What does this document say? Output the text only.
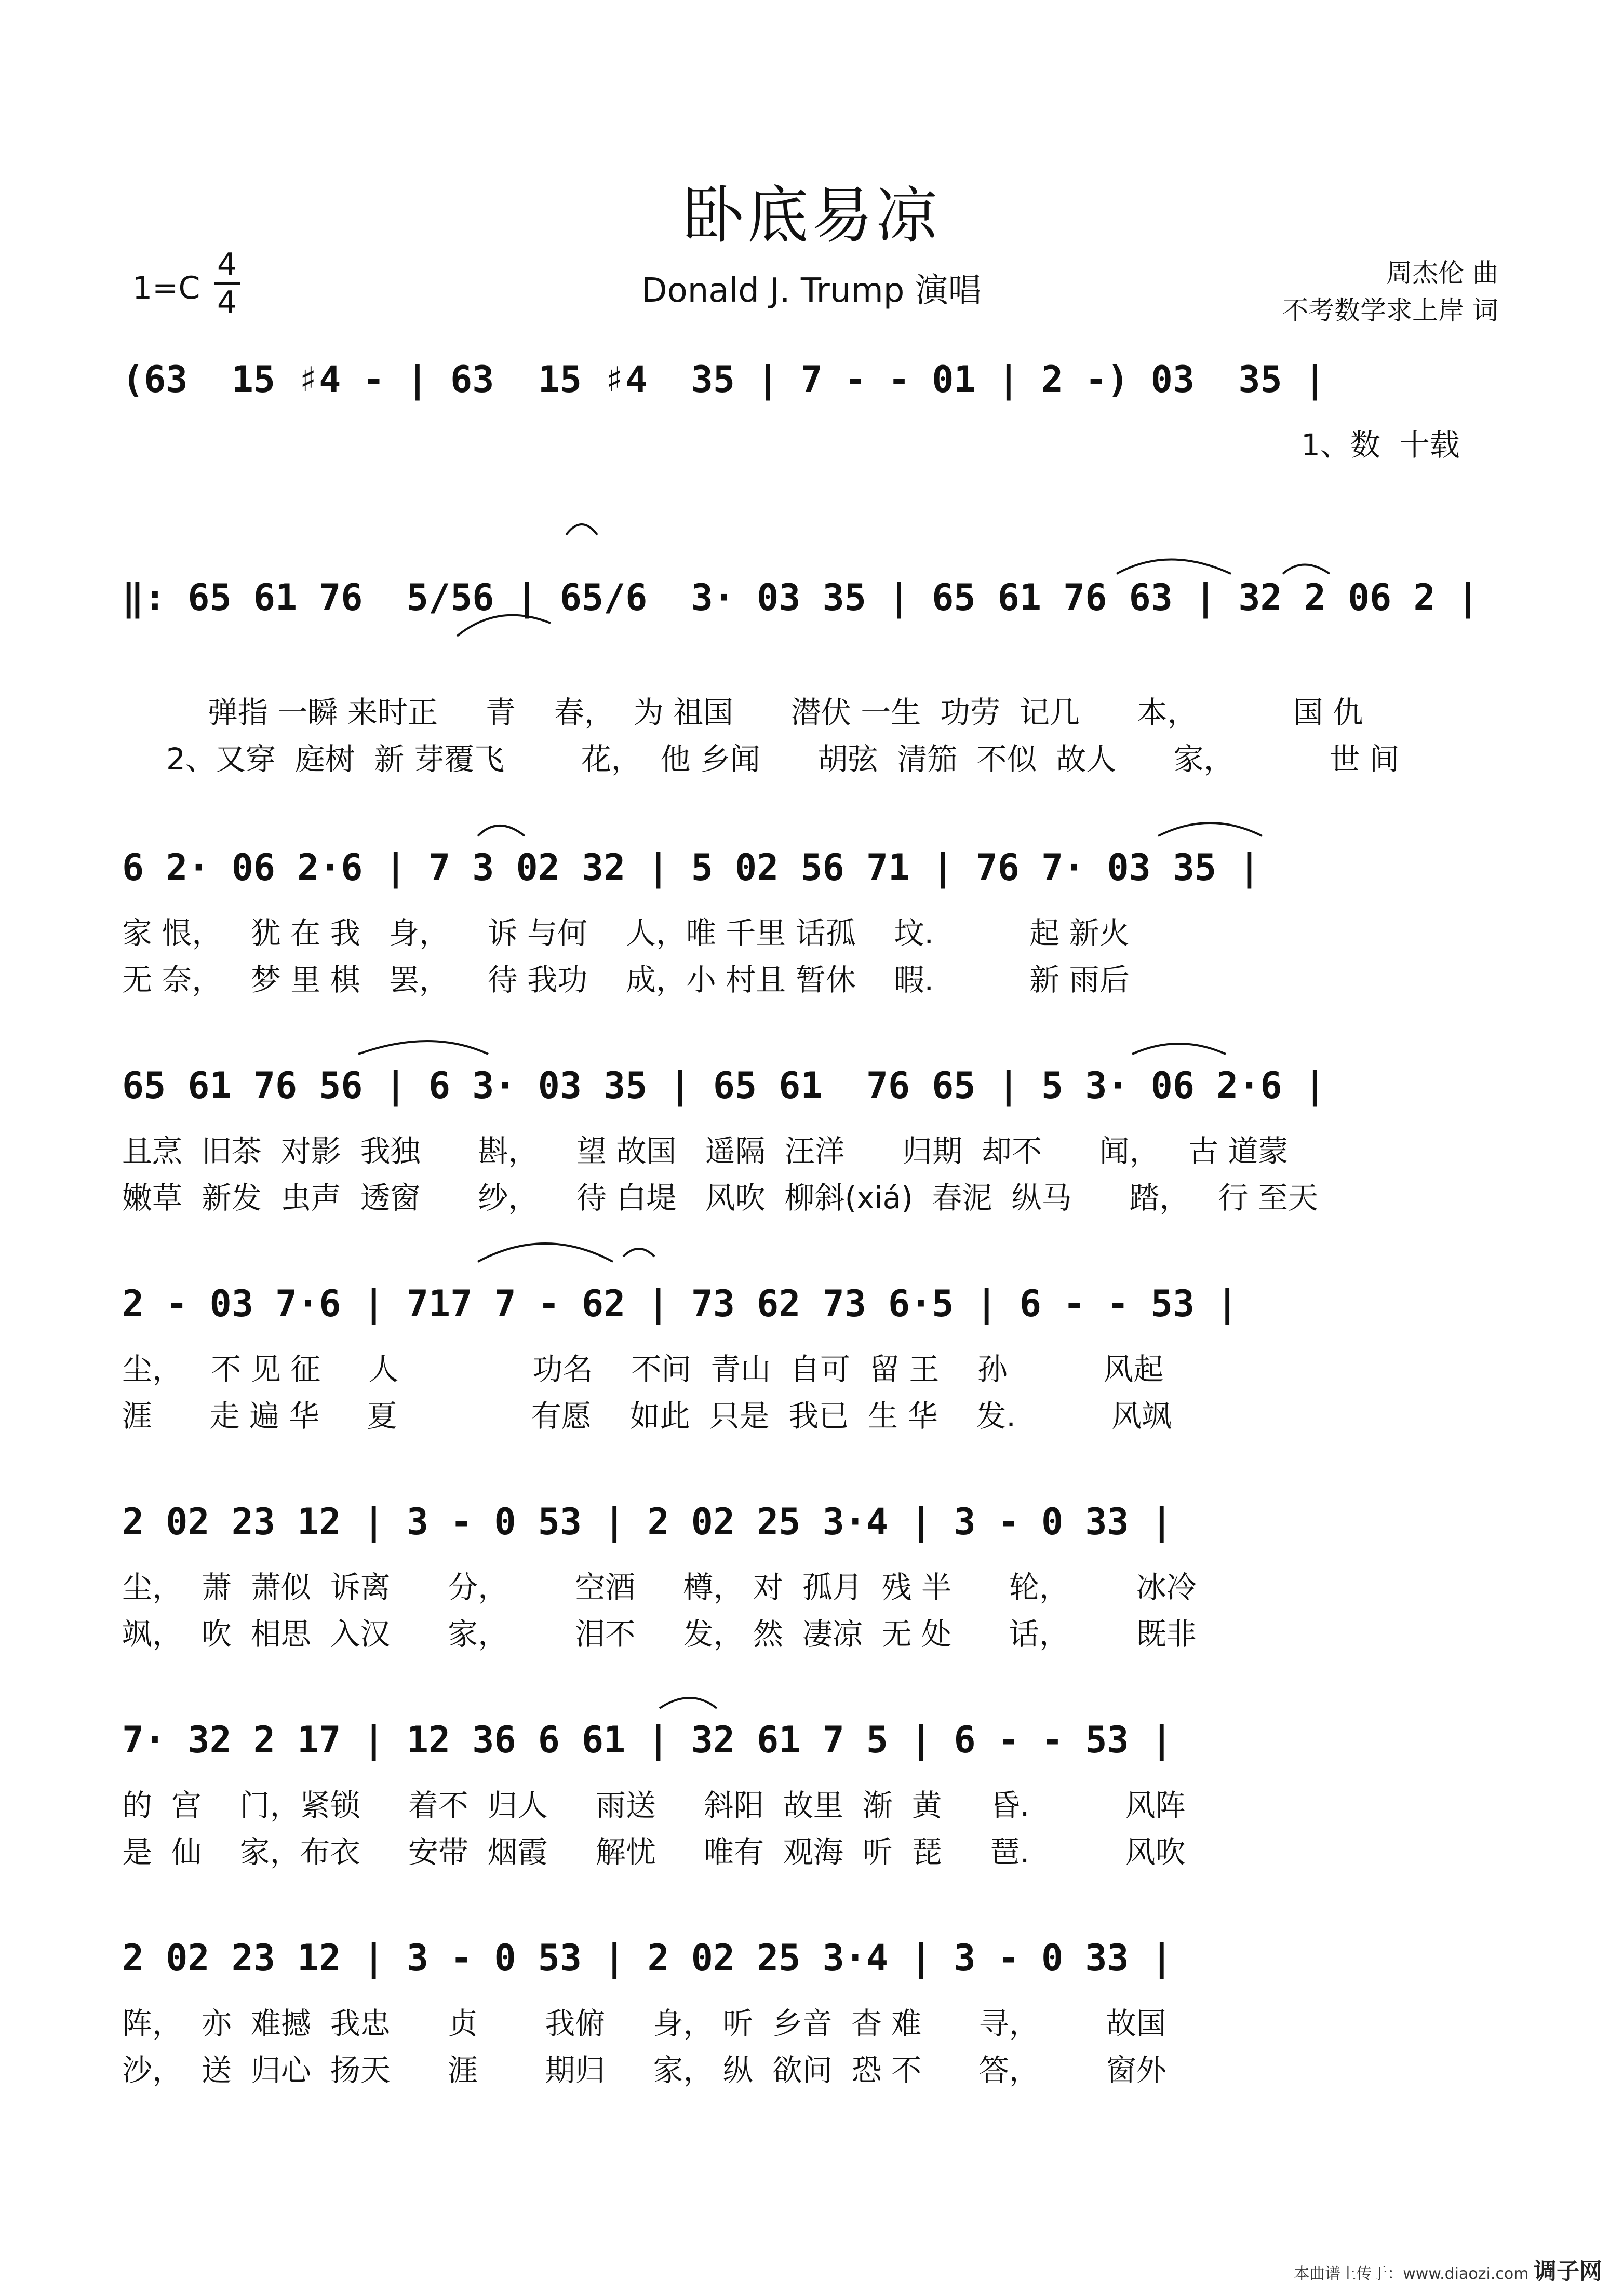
卧底易凉
1=C
4
4	Donald J. Trump 演唱	周杰伦 曲
不考数学求上岸 词
(63  15 ♯4 - | 63  15 ♯4  35 | 7 - - 01 | 2 -) 03  35 |
1、数  十载
‖: 65 61 76  5/56 | 65/6  3· 03 35 | 65 61 76 63 | 32 2 06 2 |
弹指 一瞬 来时正     青    春，  为 祖国      潜伏 一生  功劳  记几      本，          国 仇
2、又穿  庭树  新 芽覆飞        花，  他 乡闻      胡弦  清笳  不似  故人      家，          世 间
6 2· 06 2·6 | 7 3 02 32 | 5 02 56 71 | 76 7· 03 35 |
家 恨，   犹 在 我   身，    诉 与何    人，唯 千里 话孤    坟.          起 新火
无 奈，   梦 里 棋   罢，    待 我功    成，小 村且 暂休    暇.          新 雨后
65 61 76 56 | 6 3· 03 35 | 65 61  76 65 | 5 3· 06 2·6 |
且烹  旧茶  对影  我独      斟，    望 故国   遥隔  汪洋      归期  却不      闻，   古 道蒙
嫩草  新发  虫声  透窗      纱，    待 白堤   风吹  柳斜(xiá)  春泥  纵马      踏，   行 至天
2 - 03 7·6 | 717 7 - 62 | 73 62 73 6·5 | 6 - - 53 |
尘，   不 见 征     人              功名    不问  青山  自可  留 王    孙          风起
涯      走 遍 华     夏              有愿    如此  只是  我已  生 华    发.          风飒
2 02 23 12 | 3 - 0 53 | 2 02 25 3·4 | 3 - 0 33 |
尘，  萧  萧似  诉离      分，       空酒     樽， 对  孤月  残 半      轮，       冰冷
飒，  吹  相思  入汉      家，       泪不     发， 然  凄凉  无 处      话，       既非
7· 32 2 17 | 12 36 6 61 | 32 61 7 5 | 6 - - 53 |
的  宫    门，紧锁     着不  归人     雨送     斜阳  故里  渐  黄     昏.          风阵
是  仙    家，布衣     安带  烟霞     解忧     唯有  观海  听  琵     琶.          风吹
2 02 23 12 | 3 - 0 53 | 2 02 25 3·4 | 3 - 0 33 |
阵，  亦  难撼  我忠      贞       我俯     身， 听  乡音  杳 难      寻，       故国
沙，  送  归心  扬天      涯       期归     家， 纵  欲问  恐 不      答，       窗外
本曲谱上传于：www.diaozi.com 调子网
